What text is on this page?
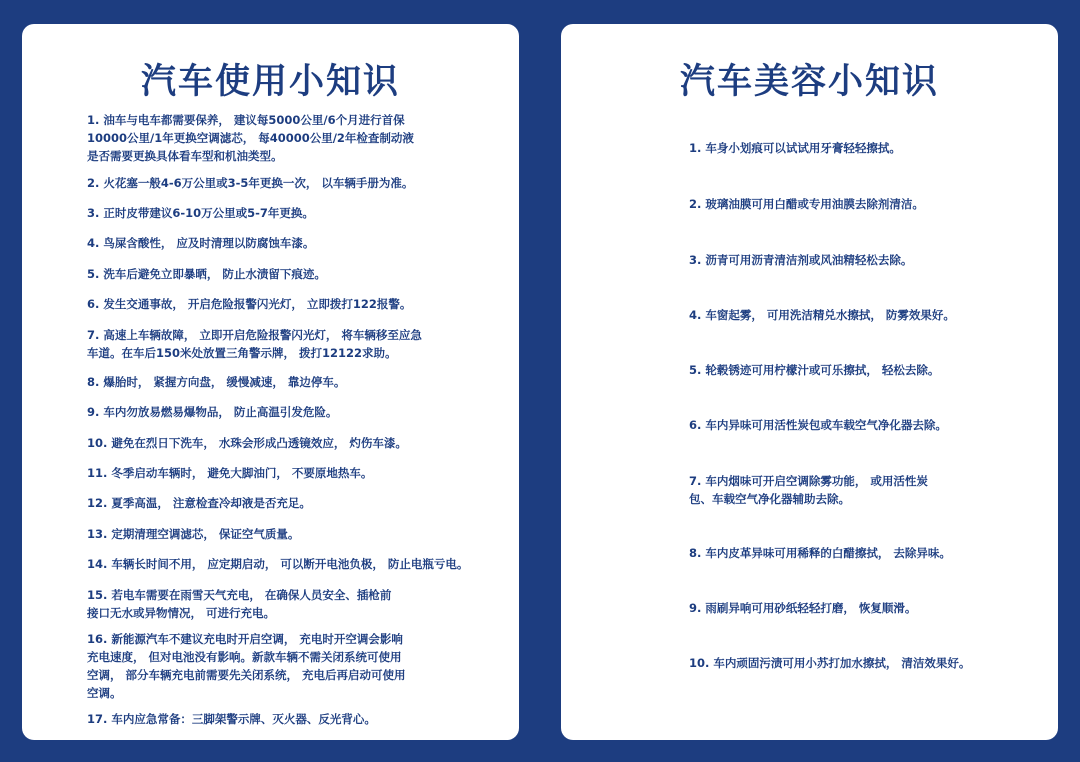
汽车使用小知识

1. 油车与电车都需要保养， 建议每5000公里/6个月进行首保
10000公里/1年更换空调滤芯， 每40000公里/2年检查制动液
是否需要更换具体看车型和机油类型。

2. 火花塞一般4-6万公里或3-5年更换一次， 以车辆手册为准。

3. 正时皮带建议6-10万公里或5-7年更换。

4. 鸟屎含酸性， 应及时清理以防腐蚀车漆。

5. 洗车后避免立即暴晒， 防止水渍留下痕迹。

6. 发生交通事故， 开启危险报警闪光灯， 立即拨打122报警。

7. 高速上车辆故障， 立即开启危险报警闪光灯， 将车辆移至应急
车道。在车后150米处放置三角警示牌， 拨打12122求助。

8. 爆胎时， 紧握方向盘， 缓慢减速， 靠边停车。

9. 车内勿放易燃易爆物品， 防止高温引发危险。

10. 避免在烈日下洗车， 水珠会形成凸透镜效应， 灼伤车漆。

11. 冬季启动车辆时， 避免大脚油门， 不要原地热车。

12. 夏季高温， 注意检查冷却液是否充足。

13. 定期清理空调滤芯， 保证空气质量。

14. 车辆长时间不用， 应定期启动， 可以断开电池负极， 防止电瓶亏电。

15. 若电车需要在雨雪天气充电， 在确保人员安全、插枪前
接口无水或异物情况， 可进行充电。

16. 新能源汽车不建议充电时开启空调， 充电时开空调会影响
充电速度， 但对电池没有影响。新款车辆不需关闭系统可使用
空调， 部分车辆充电前需要先关闭系统， 充电后再启动可使用
空调。

17. 车内应急常备：三脚架警示牌、灭火器、反光背心。

汽车美容小知识

1. 车身小划痕可以试试用牙膏轻轻擦拭。

2. 玻璃油膜可用白醋或专用油膜去除剂清洁。

3. 沥青可用沥青清洁剂或风油精轻松去除。

4. 车窗起雾， 可用洗洁精兑水擦拭， 防雾效果好。

5. 轮毂锈迹可用柠檬汁或可乐擦拭， 轻松去除。

6. 车内异味可用活性炭包或车载空气净化器去除。

7. 车内烟味可开启空调除雾功能， 或用活性炭
包、车载空气净化器辅助去除。

8. 车内皮革异味可用稀释的白醋擦拭， 去除异味。

9. 雨刷异响可用砂纸轻轻打磨， 恢复顺滑。

10. 车内顽固污渍可用小苏打加水擦拭， 清洁效果好。
